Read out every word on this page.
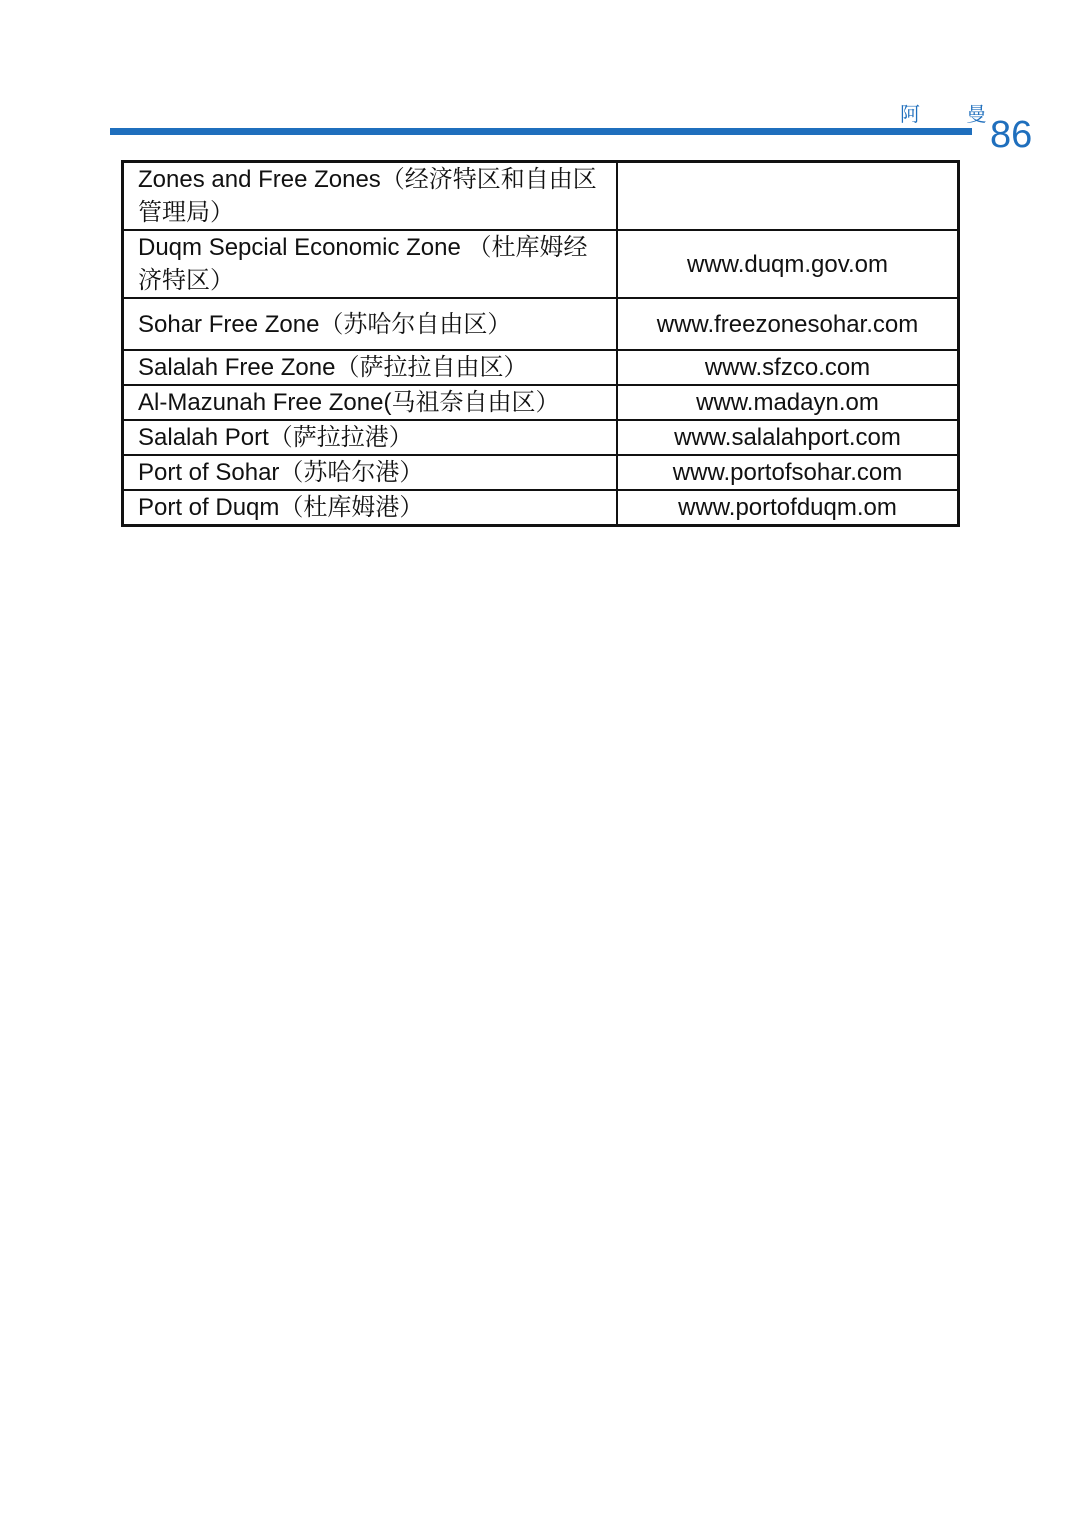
阿 曼
86
Zones and Free Zones（经济特区和自由区管理局）	
Duqm Sepcial Economic Zone （杜库姆经济特区）	www.duqm.gov.om
Sohar Free Zone（苏哈尔自由区）	www.freezonesohar.com
Salalah Free Zone（萨拉拉自由区）	www.sfzco.com
Al-Mazunah Free Zone(马祖奈自由区）	www.madayn.om
Salalah Port（萨拉拉港）	www.salalahport.com
Port of Sohar（苏哈尔港）	www.portofsohar.com
Port of Duqm（杜库姆港）	www.portofduqm.om
